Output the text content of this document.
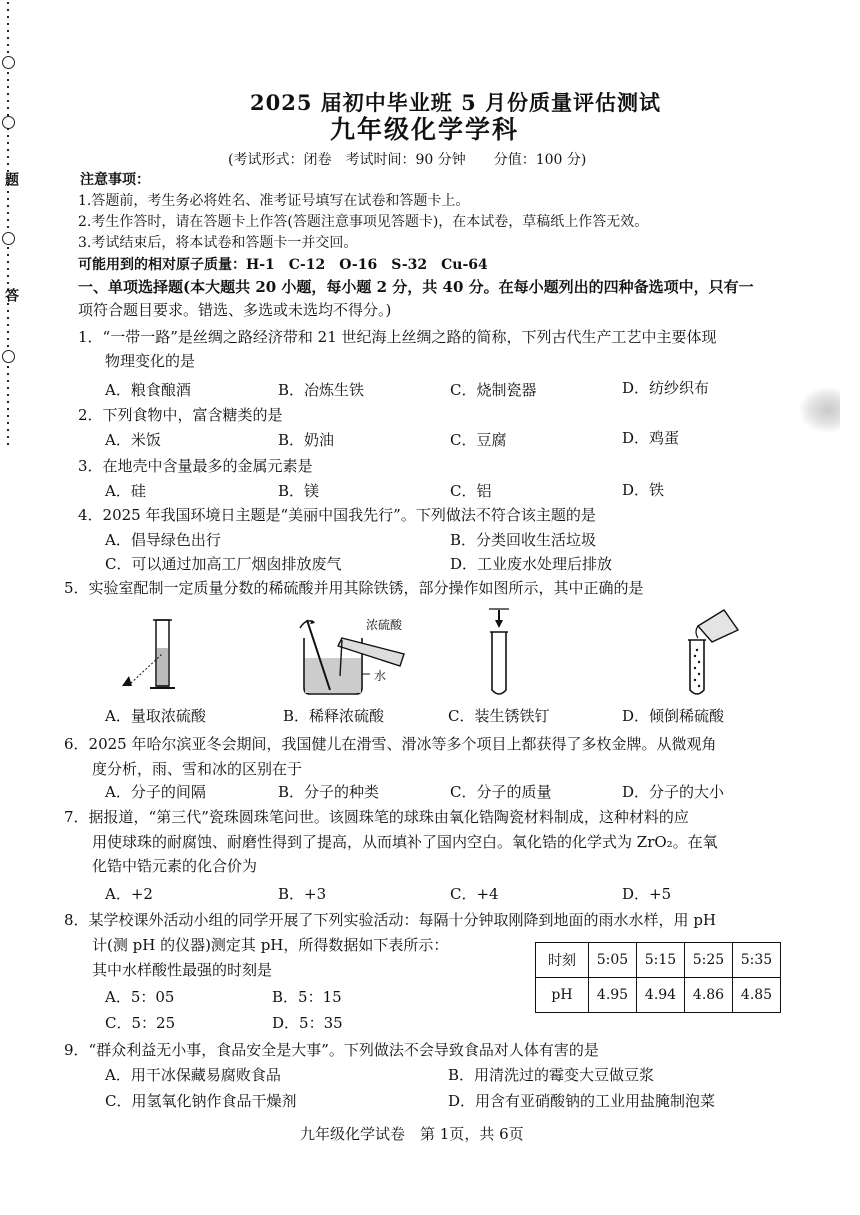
题
答
2025 届初中毕业班 5 月份质量评估测试
九年级化学学科
(考试形式：闭卷　考试时间：90 分钟　　分值：100 分)
注意事项：
1.答题前，考生务必将姓名、准考证号填写在试卷和答题卡上。
2.考生作答时，请在答题卡上作答(答题注意事项见答题卡)，在本试卷，草稿纸上作答无效。
3.考试结束后，将本试卷和答题卡一并交回。
可能用到的相对原子质量：H-1　C-12　O-16　S-32　Cu-64
一、单项选择题(本大题共 20 小题，每小题 2 分，共 40 分。在每小题列出的四种备选项中，只有一
项符合题目要求。错选、多选或未选均不得分。)
1．“一带一路”是丝绸之路经济带和 21 世纪海上丝绸之路的简称，下列古代生产工艺中主要体现
物理变化的是
A．粮食酿酒	B．冶炼生铁	C．烧制瓷器	D．纺纱织布
2．下列食物中，富含糖类的是
A．米饭	B．奶油	C．豆腐	D．鸡蛋
3．在地壳中含量最多的金属元素是
A．硅	B．镁	C．铝	D．铁
4．2025 年我国环境日主题是“美丽中国我先行”。下列做法不符合该主题的是
A．倡导绿色出行	B．分类回收生活垃圾
C．可以通过加高工厂烟囱排放废气	D．工业废水处理后排放
5．实验室配制一定质量分数的稀硫酸并用其除铁锈，部分操作如图所示，其中正确的是
浓硫酸
水
A．量取浓硫酸	B．稀释浓硫酸	C．装生锈铁钉	D．倾倒稀硫酸
6．2025 年哈尔滨亚冬会期间，我国健儿在滑雪、滑冰等多个项目上都获得了多枚金牌。从微观角
度分析，雨、雪和冰的区别在于
A．分子的间隔	B．分子的种类	C．分子的质量	D．分子的大小
7．据报道，“第三代”瓷珠圆珠笔问世。该圆珠笔的球珠由氧化锆陶瓷材料制成，这种材料的应
用使球珠的耐腐蚀、耐磨性得到了提高，从而填补了国内空白。氧化锆的化学式为 ZrO₂。在氧
化锆中锆元素的化合价为
A．+2	B．+3	C．+4	D．+5
8．某学校课外活动小组的同学开展了下列实验活动：每隔十分钟取刚降到地面的雨水水样，用 pH
计(测 pH 的仪器)测定其 pH，所得数据如下表所示：
其中水样酸性最强的时刻是
A．5：05	B．5：15
C．5：25	D．5：35
时刻	5:05	5:15	5:25	5:35
pH	4.95	4.94	4.86	4.85
9．“群众利益无小事，食品安全是大事”。下列做法不会导致食品对人体有害的是
A．用干冰保藏易腐败食品	B．用清洗过的霉变大豆做豆浆
C．用氢氧化钠作食品干燥剂	D．用含有亚硝酸钠的工业用盐腌制泡菜
九年级化学试卷　第 1页，共 6页
